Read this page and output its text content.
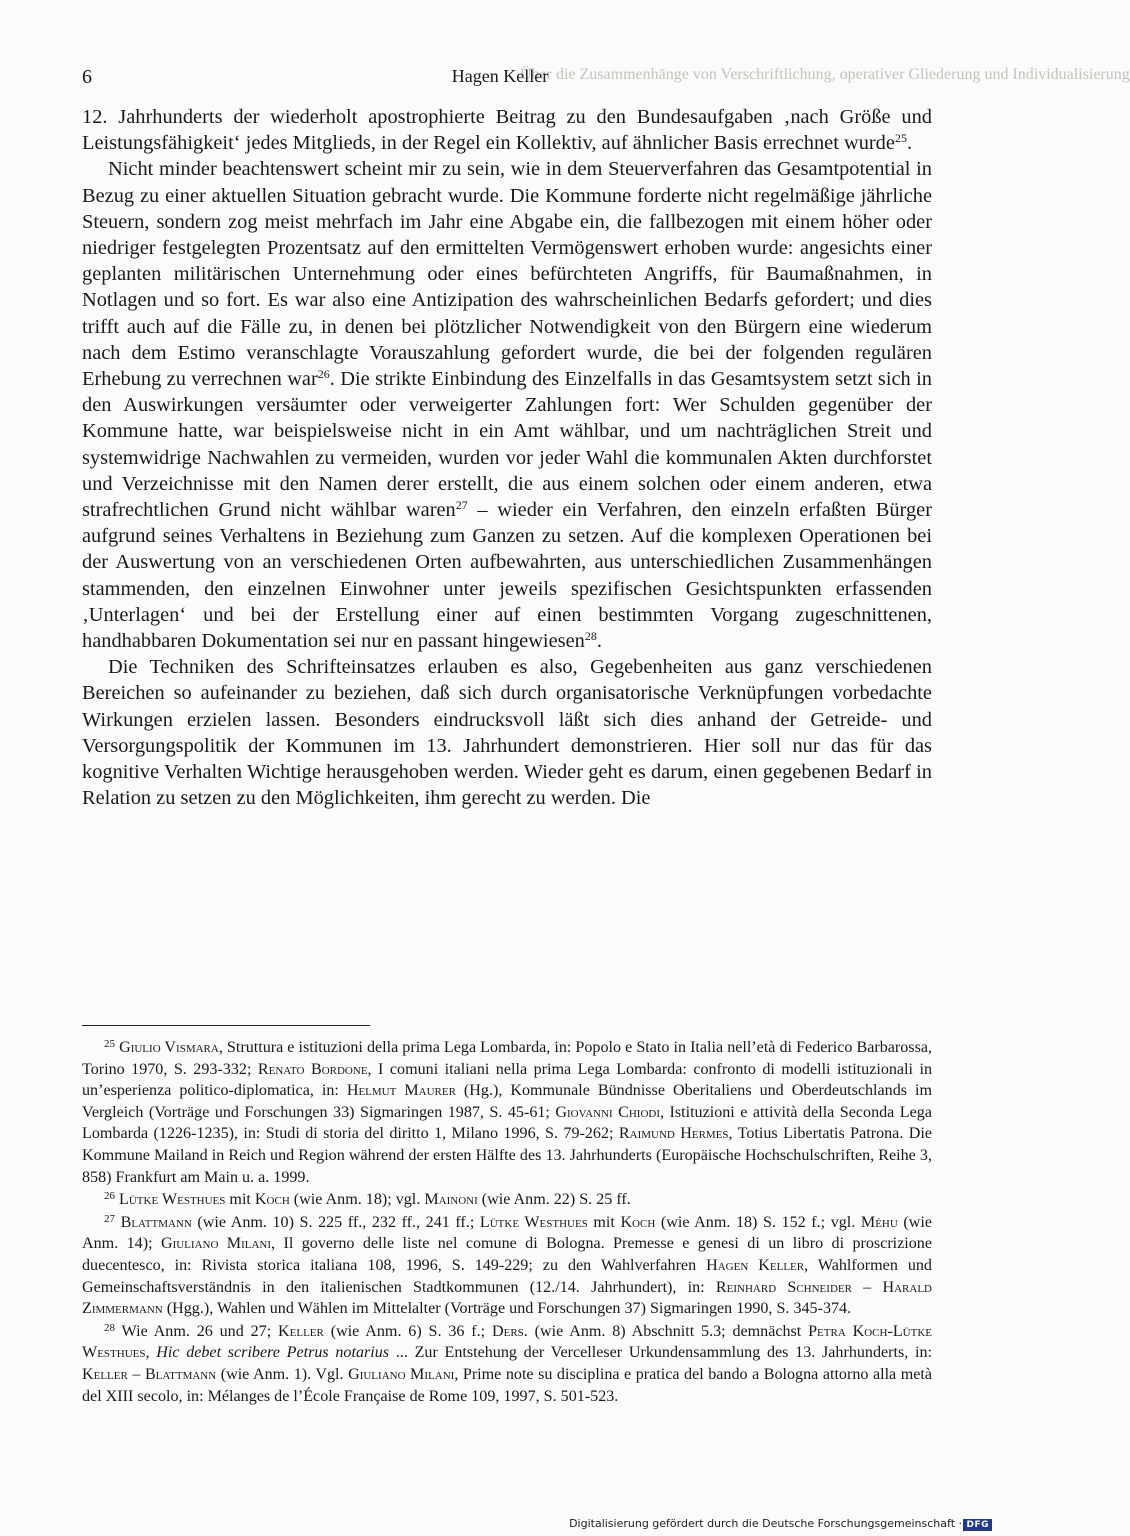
Über die Zusammenhänge von Verschriftlichung, operativer Gliederung und Individualisierung
6	Hagen Keller

12. Jahrhunderts der wiederholt apostrophierte Beitrag zu den Bundesaufgaben ‚nach Größe und Leistungsfähigkeit‘ jedes Mitglieds, in der Regel ein Kollektiv, auf ähnlicher Basis errechnet wurde$^{25}$.

Nicht minder beachtenswert scheint mir zu sein, wie in dem Steuerverfahren das Gesamtpotential in Bezug zu einer aktuellen Situation gebracht wurde. Die Kommune forderte nicht regelmäßige jährliche Steuern, sondern zog meist mehrfach im Jahr eine Abgabe ein, die fallbezogen mit einem höher oder niedriger festgelegten Prozentsatz auf den ermittelten Vermögenswert erhoben wurde: angesichts einer geplanten militärischen Unternehmung oder eines befürchteten Angriffs, für Baumaßnahmen, in Notlagen und so fort. Es war also eine Antizipation des wahrscheinlichen Bedarfs gefordert; und dies trifft auch auf die Fälle zu, in denen bei plötzlicher Notwendigkeit von den Bürgern eine wiederum nach dem Estimo veranschlagte Vorauszahlung gefordert wurde, die bei der folgenden regulären Erhebung zu verrechnen war$^{26}$. Die strikte Einbindung des Einzelfalls in das Gesamtsystem setzt sich in den Auswirkungen versäumter oder verweigerter Zahlungen fort: Wer Schulden gegenüber der Kommune hatte, war beispielsweise nicht in ein Amt wählbar, und um nachträglichen Streit und systemwidrige Nachwahlen zu vermeiden, wurden vor jeder Wahl die kommunalen Akten durchforstet und Verzeichnisse mit den Namen derer erstellt, die aus einem solchen oder einem anderen, etwa strafrechtlichen Grund nicht wählbar waren$^{27}$ – wieder ein Verfahren, den einzeln erfaßten Bürger aufgrund seines Verhaltens in Beziehung zum Ganzen zu setzen. Auf die komplexen Operationen bei der Auswertung von an verschiedenen Orten aufbewahrten, aus unterschiedlichen Zusammenhängen stammenden, den einzelnen Einwohner unter jeweils spezifischen Gesichtspunkten erfassenden ‚Unterlagen‘ und bei der Erstellung einer auf einen bestimmten Vorgang zugeschnittenen, handhabbaren Dokumentation sei nur en passant hingewiesen$^{28}$.

Die Techniken des Schrifteinsatzes erlauben es also, Gegebenheiten aus ganz verschiedenen Bereichen so aufeinander zu beziehen, daß sich durch organisatorische Verknüpfungen vorbedachte Wirkungen erzielen lassen. Besonders eindrucksvoll läßt sich dies anhand der Getreide- und Versorgungspolitik der Kommunen im 13. Jahrhundert demonstrieren. Hier soll nur das für das kognitive Verhalten Wichtige herausgehoben werden. Wieder geht es darum, einen gegebenen Bedarf in Relation zu setzen zu den Möglichkeiten, ihm gerecht zu werden. Die

$^{25}$ Giulio Vismara, Struttura e istituzioni della prima Lega Lombarda, in: Popolo e Stato in Italia nell’età di Federico Barbarossa, Torino 1970, S. 293-332; Renato Bordone, I comuni italiani nella prima Lega Lombarda: confronto di modelli istituzionali in un’esperienza politico-diplomatica, in: Helmut Maurer (Hg.), Kommunale Bündnisse Oberitaliens und Oberdeutschlands im Vergleich (Vorträge und Forschungen 33) Sigmaringen 1987, S. 45-61; Giovanni Chiodi, Istituzioni e attività della Seconda Lega Lombarda (1226-1235), in: Studi di storia del diritto 1, Milano 1996, S. 79-262; Raimund Hermes, Totius Libertatis Patrona. Die Kommune Mailand in Reich und Region während der ersten Hälfte des 13. Jahrhunderts (Europäische Hochschulschriften, Reihe 3, 858) Frankfurt am Main u. a. 1999.

$^{26}$ Lütke Westhues mit Koch (wie Anm. 18); vgl. Mainoni (wie Anm. 22) S. 25 ff.

$^{27}$ Blattmann (wie Anm. 10) S. 225 ff., 232 ff., 241 ff.; Lütke Westhues mit Koch (wie Anm. 18) S. 152 f.; vgl. Méhu (wie Anm. 14); Giuliano Milani, Il governo delle liste nel comune di Bologna. Premesse e genesi di un libro di proscrizione duecentesco, in: Rivista storica italiana 108, 1996, S. 149-229; zu den Wahlverfahren Hagen Keller, Wahlformen und Gemeinschaftsverständnis in den italienischen Stadtkommunen (12./14. Jahrhundert), in: Reinhard Schneider – Harald Zimmermann (Hgg.), Wahlen und Wählen im Mittelalter (Vorträge und Forschungen 37) Sigmaringen 1990, S. 345-374.

$^{28}$ Wie Anm. 26 und 27; Keller (wie Anm. 6) S. 36 f.; Ders. (wie Anm. 8) Abschnitt 5.3; demnächst Petra Koch-Lütke Westhues, Hic debet scribere Petrus notarius ... Zur Entstehung der Vercelleser Urkundensammlung des 13. Jahrhunderts, in: Keller – Blattmann (wie Anm. 1). Vgl. Giuliano Milani, Prime note su disciplina e pratica del bando a Bologna attorno alla metà del XIII secolo, in: Mélanges de l’École Française de Rome 109, 1997, S. 501-523.

Digitalisierung gefördert durch die Deutsche Forschungsgemeinschaft · DFG
